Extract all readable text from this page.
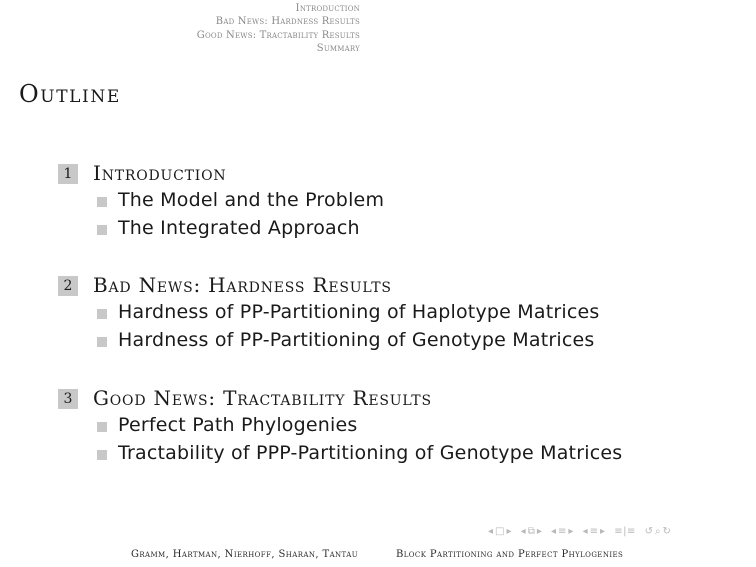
Introduction
Bad News: Hardness Results
Good News: Tractability Results
Summary
Outline
1 Introduction
The Model and the Problem
The Integrated Approach
2 Bad News: Hardness Results
Hardness of PP-Partitioning of Haplotype Matrices
Hardness of PP-Partitioning of Genotype Matrices
3 Good News: Tractability Results
Perfect Path Phylogenies
Tractability of PPP-Partitioning of Genotype Matrices
◂ □ ▸ ◂ ⧉ ▸ ◂ ≡ ▸ ◂ ≡ ▸ ≡|≡ ↺ ⌕ ↻
Gramm, Hartman, Nierhoff, Sharan, Tantau	Block Partitioning and Perfect Phylogenies
